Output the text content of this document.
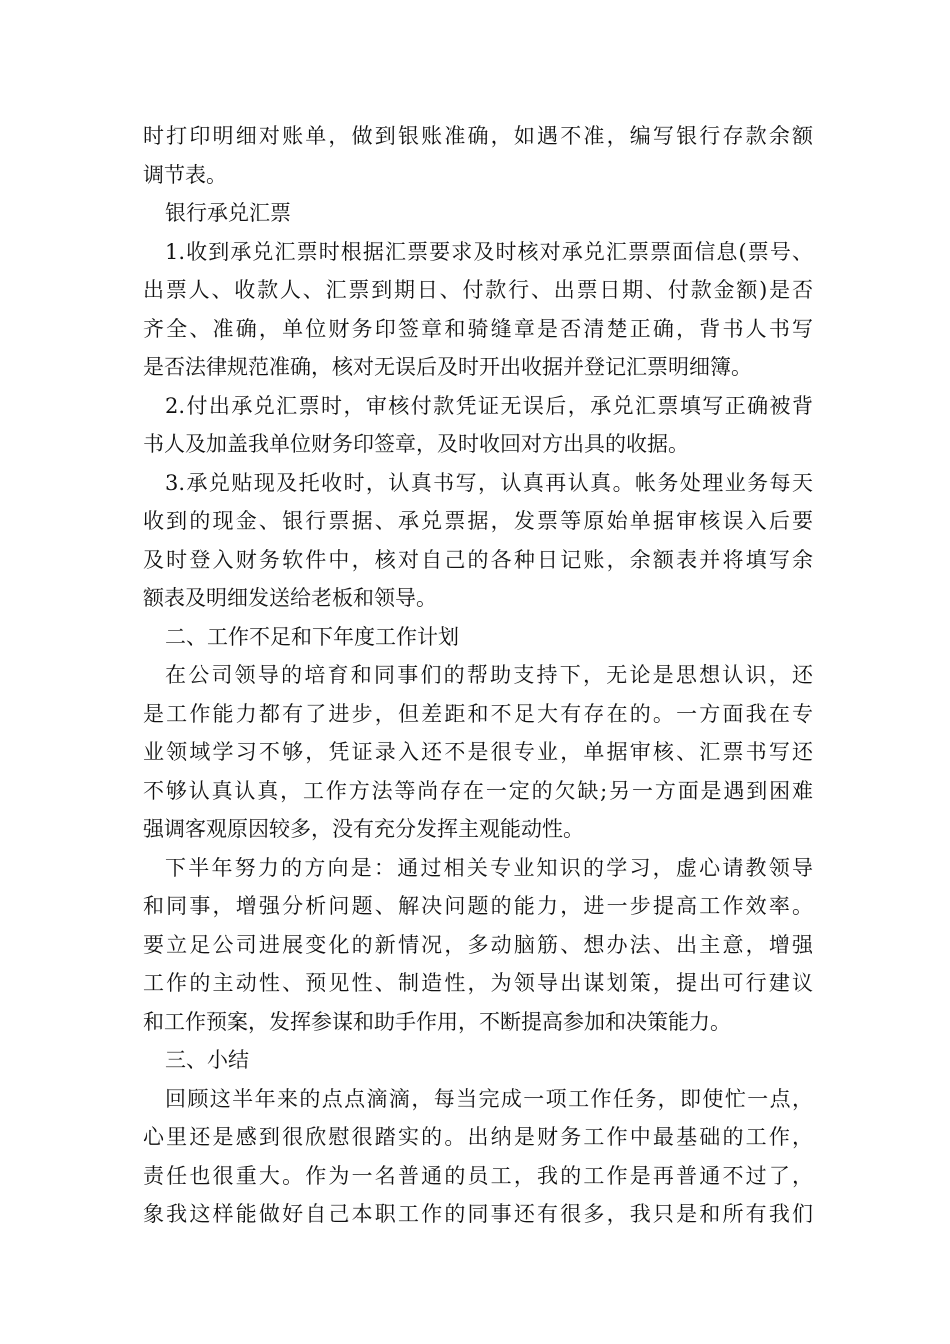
时打印明细对账单，做到银账准确，如遇不准，编写银行存款余额
调节表。
银行承兑汇票
1.收到承兑汇票时根据汇票要求及时核对承兑汇票票面信息(票号、
出票人、收款人、汇票到期日、付款行、出票日期、付款金额)是否
齐全、准确，单位财务印签章和骑缝章是否清楚正确，背书人书写
是否法律规范准确，核对无误后及时开出收据并登记汇票明细簿。
2.付出承兑汇票时，审核付款凭证无误后，承兑汇票填写正确被背
书人及加盖我单位财务印签章，及时收回对方出具的收据。
3.承兑贴现及托收时，认真书写，认真再认真。帐务处理业务每天
收到的现金、银行票据、承兑票据，发票等原始单据审核误入后要
及时登入财务软件中，核对自己的各种日记账，余额表并将填写余
额表及明细发送给老板和领导。
二、工作不足和下年度工作计划
在公司领导的培育和同事们的帮助支持下，无论是思想认识，还
是工作能力都有了进步，但差距和不足大有存在的。一方面我在专
业领域学习不够，凭证录入还不是很专业，单据审核、汇票书写还
不够认真认真，工作方法等尚存在一定的欠缺;另一方面是遇到困难
强调客观原因较多，没有充分发挥主观能动性。
下半年努力的方向是：通过相关专业知识的学习，虚心请教领导
和同事，增强分析问题、解决问题的能力，进一步提高工作效率。
要立足公司进展变化的新情况，多动脑筋、想办法、出主意，增强
工作的主动性、预见性、制造性，为领导出谋划策，提出可行建议
和工作预案，发挥参谋和助手作用，不断提高参加和决策能力。
三、小结
回顾这半年来的点点滴滴，每当完成一项工作任务，即使忙一点，
心里还是感到很欣慰很踏实的。出纳是财务工作中最基础的工作，
责任也很重大。作为一名普通的员工，我的工作是再普通不过了，
象我这样能做好自己本职工作的同事还有很多，我只是和所有我们
